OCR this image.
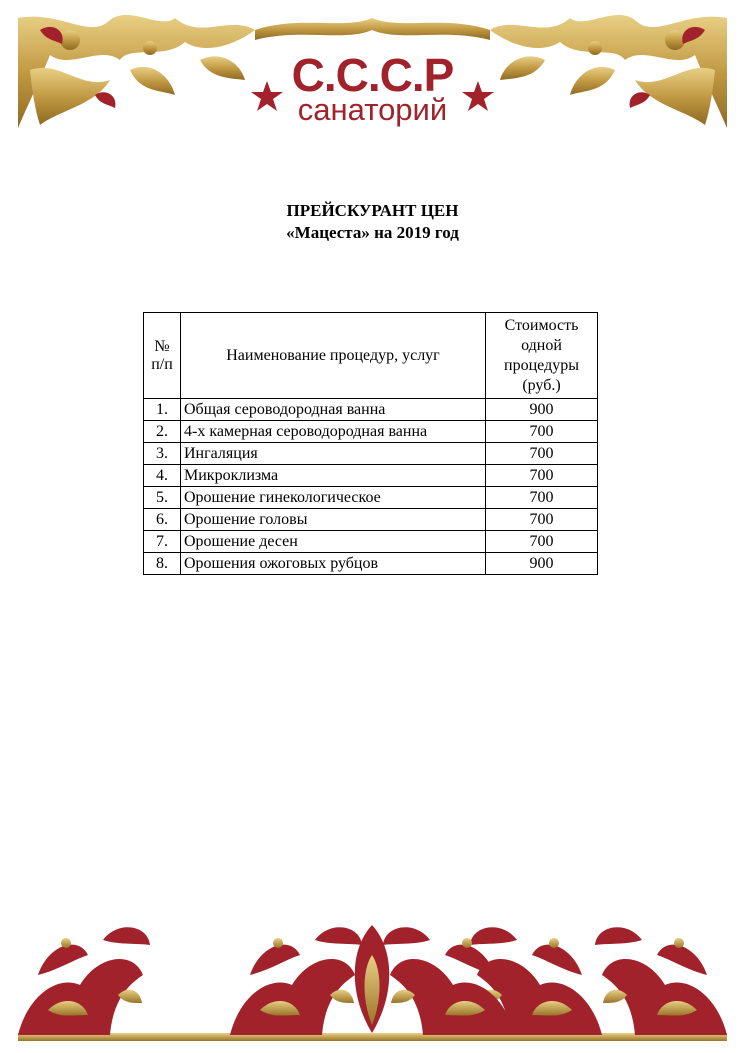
С.С.С.Р
санаторий
ПРЕЙСКУРАНТ ЦЕН
«Мацеста» на 2019 год
№
п/п	Наименование процедур, услуг	Стоимость одной процедуры (руб.)
1.	Общая сероводородная ванна	900
2.	4-х камерная сероводородная ванна	700
3.	Ингаляция	700
4.	Микроклизма	700
5.	Орошение гинекологическое	700
6.	Орошение головы	700
7.	Орошение десен	700
8.	Орошения ожоговых рубцов	900
